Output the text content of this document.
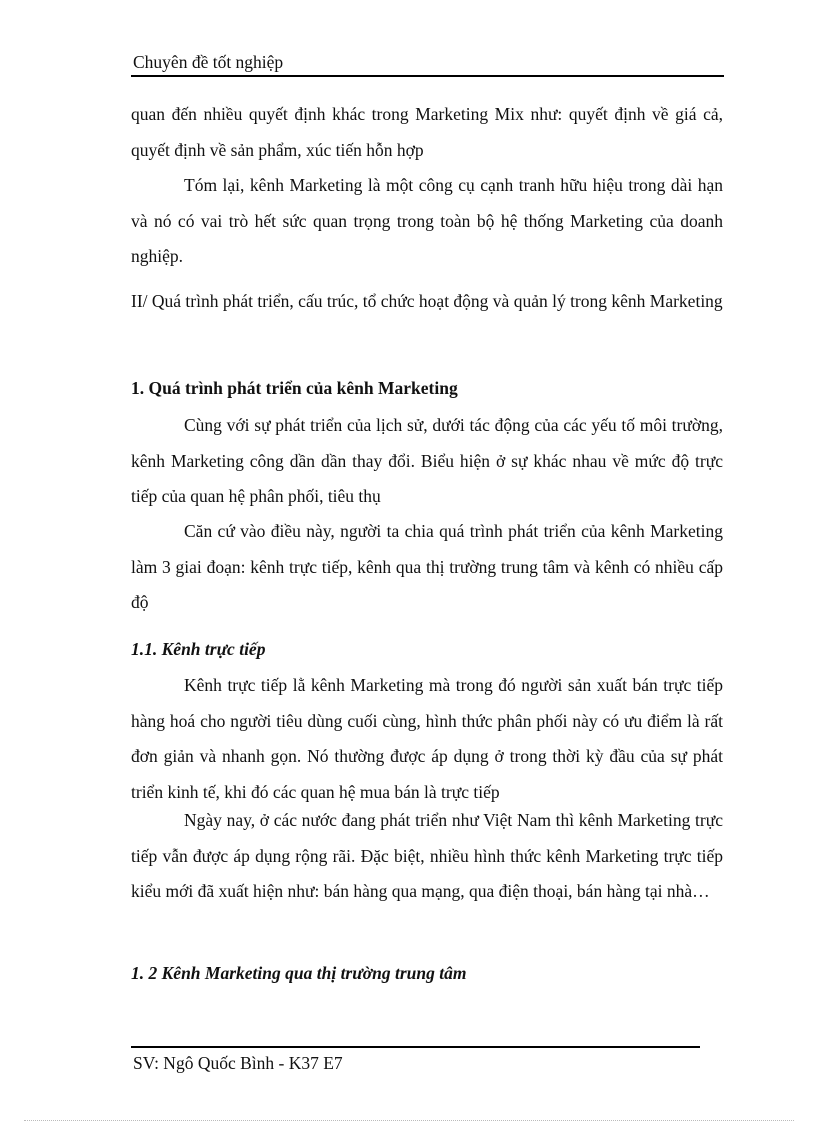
Chuyên đề tốt nghiệp

quan đến nhiều quyết định khác trong Marketing Mix như: quyết định về giá cả, quyết định về sản phẩm, xúc tiến hỗn hợp

Tóm lại, kênh Marketing là một công cụ cạnh tranh hữu hiệu trong dài hạn và nó có vai trò hết sức quan trọng trong toàn bộ hệ thống Marketing của doanh nghiệp.

II/ Quá trình phát triển, cấu trúc, tổ chức hoạt động và quản lý trong kênh Marketing

1. Quá trình phát triển của kênh Marketing

Cùng với sự phát triển của lịch sử, dưới tác động của các yếu tố môi trường, kênh Marketing công dần dần thay đổi. Biểu hiện ở sự khác nhau về mức độ trực tiếp của quan hệ phân phối, tiêu thụ

Căn cứ vào điều này, người ta chia quá trình phát triển của kênh Marketing làm 3 giai đoạn: kênh trực tiếp, kênh qua thị trường trung tâm và kênh có nhiều cấp độ

1.1. Kênh trực tiếp

Kênh trực tiếp lằ kênh Marketing mà trong đó người sản xuất bán trực tiếp hàng hoá cho người tiêu dùng cuối cùng, hình thức phân phối này có ưu điểm là rất đơn giản và nhanh gọn. Nó thường được áp dụng ở trong thời kỳ đầu của sự phát triển kinh tế, khi đó các quan hệ mua bán là trực tiếp

Ngày nay, ở các nước đang phát triển như Việt Nam thì kênh Marketing trực tiếp vẫn được áp dụng rộng rãi. Đặc biệt, nhiều hình thức kênh Marketing trực tiếp kiểu mới đã xuất hiện như: bán hàng qua mạng, qua điện thoại, bán hàng tại nhà…

1. 2 Kênh Marketing qua thị trường trung tâm

SV: Ngô Quốc Bình - K37 E7
